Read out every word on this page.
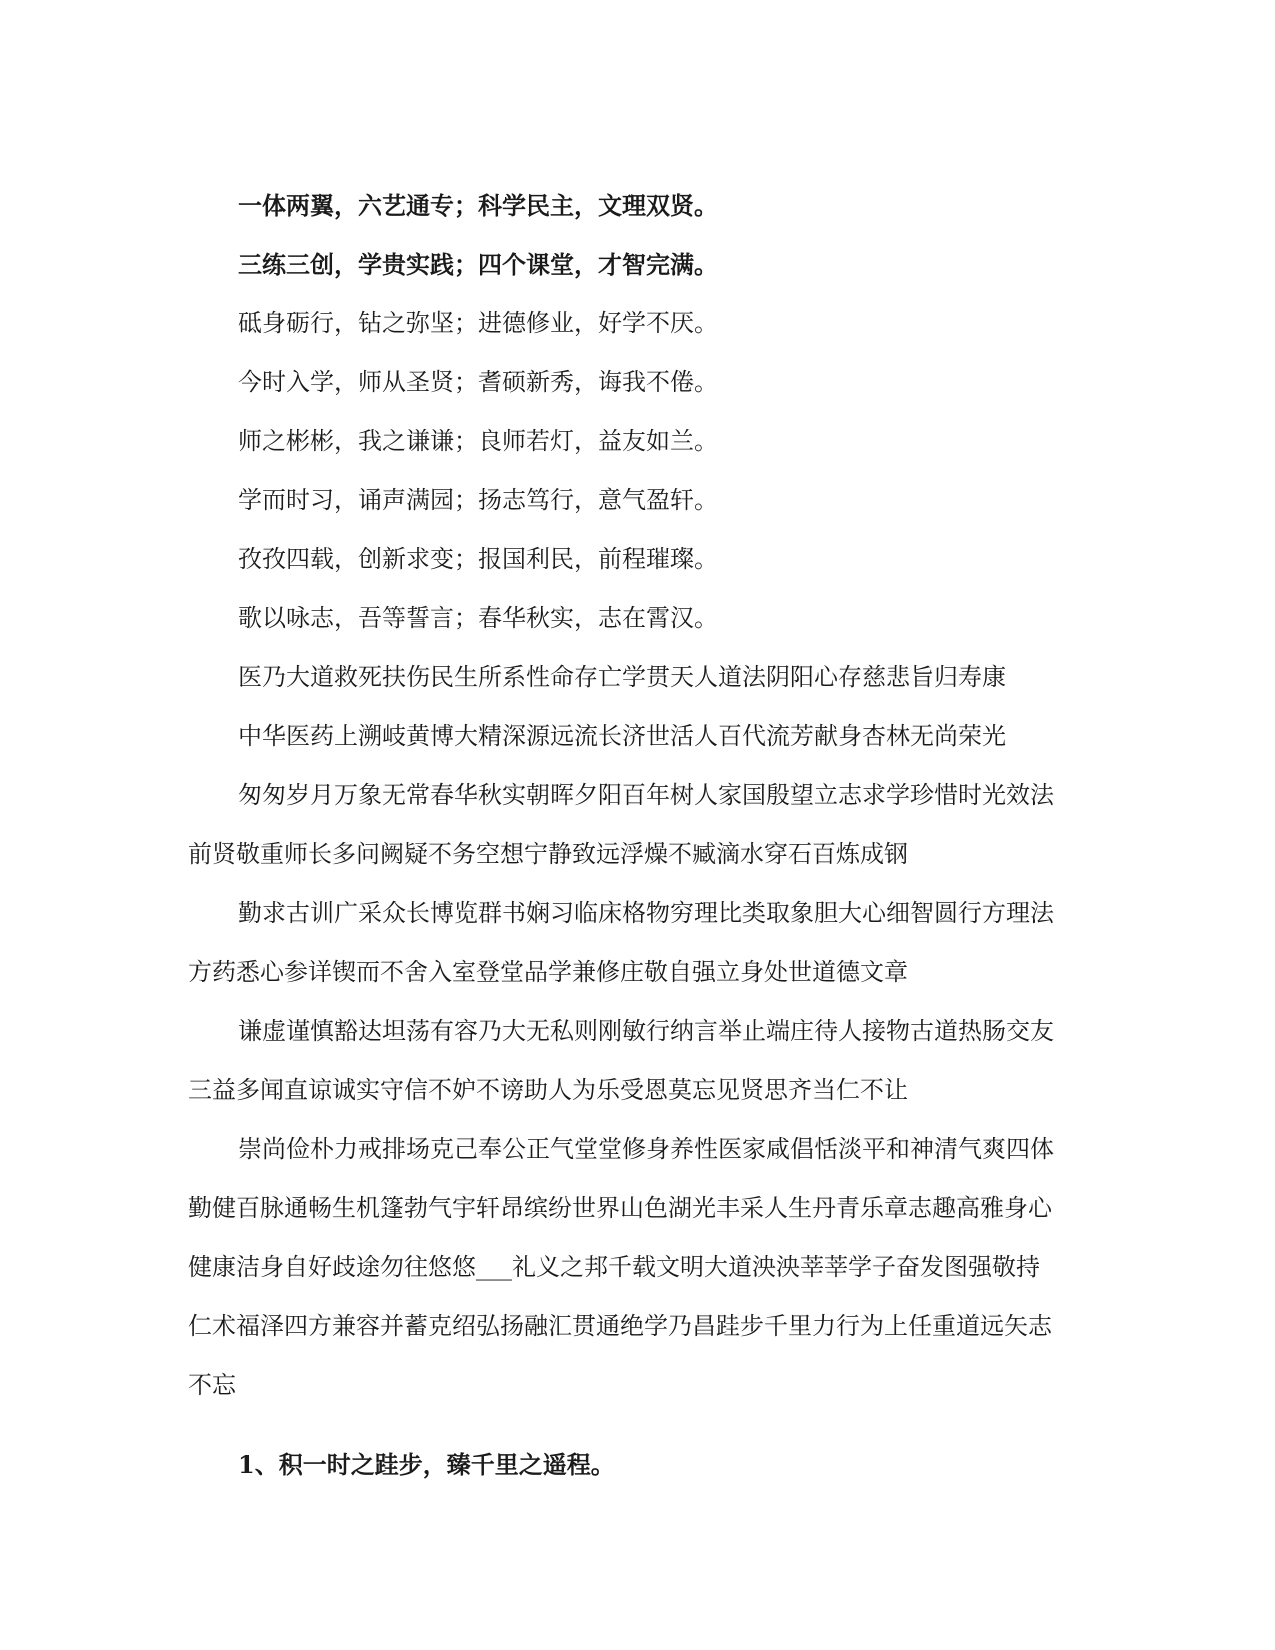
一体两翼，六艺通专；科学民主，文理双贤。

三练三创，学贵实践；四个课堂，才智完满。

砥身砺行，钻之弥坚；进德修业，好学不厌。

今时入学，师从圣贤；耆硕新秀，诲我不倦。

师之彬彬，我之谦谦；良师若灯，益友如兰。

学而时习，诵声满园；扬志笃行，意气盈轩。

孜孜四载，创新求变；报国利民，前程璀璨。

歌以咏志，吾等誓言；春华秋实，志在霄汉。

医乃大道救死扶伤民生所系性命存亡学贯天人道法阴阳心存慈悲旨归寿康

中华医药上溯岐黄博大精深源远流长济世活人百代流芳献身杏林无尚荣光

匆匆岁月万象无常春华秋实朝晖夕阳百年树人家国殷望立志求学珍惜时光效法

前贤敬重师长多问阙疑不务空想宁静致远浮燥不臧滴水穿石百炼成钢

勤求古训广采众长博览群书娴习临床格物穷理比类取象胆大心细智圆行方理法

方药悉心参详锲而不舍入室登堂品学兼修庄敬自强立身处世道德文章

谦虚谨慎豁达坦荡有容乃大无私则刚敏行纳言举止端庄待人接物古道热肠交友

三益多闻直谅诚实守信不妒不谤助人为乐受恩莫忘见贤思齐当仁不让

崇尚俭朴力戒排场克己奉公正气堂堂修身养性医家咸倡恬淡平和神清气爽四体

勤健百脉通畅生机篷勃气宇轩昂缤纷世界山色湖光丰采人生丹青乐章志趣高雅身心

健康洁身自好歧途勿往悠悠___礼义之邦千载文明大道泱泱莘莘学子奋发图强敬持

仁术福泽四方兼容并蓄克绍弘扬融汇贯通绝学乃昌跬步千里力行为上任重道远矢志

不忘

1、积一时之跬步，臻千里之遥程。
